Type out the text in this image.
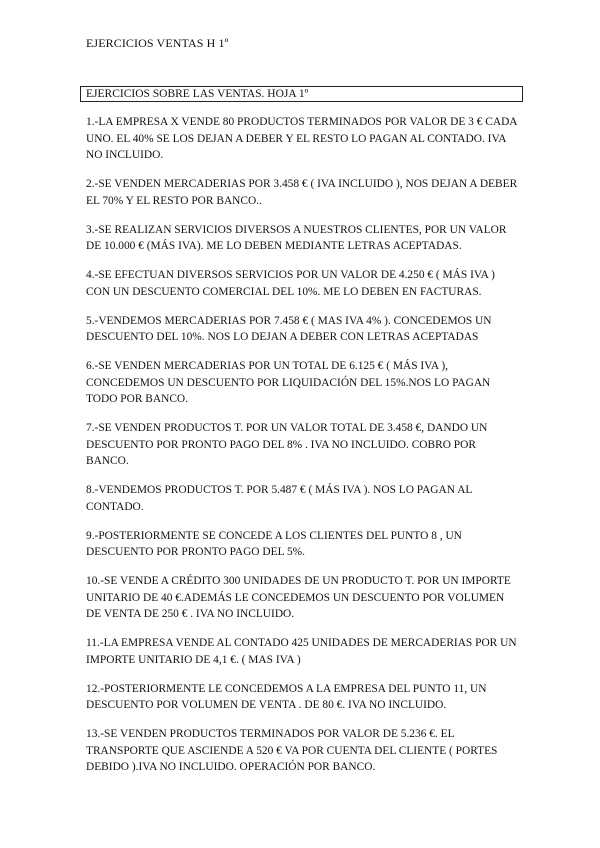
EJERCICIOS VENTAS H 1º
EJERCICIOS SOBRE LAS VENTAS. HOJA 1º
1.-LA EMPRESA X VENDE 80 PRODUCTOS TERMINADOS POR VALOR DE 3 € CADA UNO. EL 40% SE LOS DEJAN A DEBER Y EL RESTO LO PAGAN AL CONTADO. IVA NO INCLUIDO.
2.-SE VENDEN MERCADERIAS POR 3.458 € ( IVA INCLUIDO ), NOS DEJAN A DEBER EL 70% Y EL RESTO POR BANCO..
3.-SE REALIZAN SERVICIOS DIVERSOS A NUESTROS CLIENTES, POR UN VALOR DE 10.000 € (MÁS IVA). ME LO DEBEN MEDIANTE LETRAS ACEPTADAS.
4.-SE EFECTUAN DIVERSOS SERVICIOS POR UN VALOR DE 4.250 € ( MÁS IVA ) CON UN DESCUENTO COMERCIAL DEL 10%. ME LO DEBEN EN FACTURAS.
5.-VENDEMOS MERCADERIAS POR 7.458 € ( MAS IVA 4% ). CONCEDEMOS UN DESCUENTO DEL 10%. NOS LO DEJAN A DEBER CON LETRAS ACEPTADAS
6.-SE VENDEN MERCADERIAS POR UN TOTAL DE 6.125 € ( MÁS IVA ), CONCEDEMOS UN DESCUENTO POR LIQUIDACIÓN DEL 15%.NOS LO PAGAN TODO POR BANCO.
7.-SE VENDEN PRODUCTOS T. POR UN VALOR TOTAL DE 3.458 €, DANDO UN DESCUENTO POR PRONTO PAGO DEL 8% . IVA NO INCLUIDO. COBRO POR BANCO.
8.-VENDEMOS PRODUCTOS T. POR 5.487 € ( MÁS IVA ). NOS LO PAGAN AL CONTADO.
9.-POSTERIORMENTE SE CONCEDE A LOS CLIENTES DEL PUNTO 8 , UN DESCUENTO POR PRONTO PAGO DEL 5%.
10.-SE VENDE A CRÉDITO 300 UNIDADES DE UN PRODUCTO T. POR UN IMPORTE UNITARIO DE 40 €.ADEMÁS LE CONCEDEMOS UN DESCUENTO POR VOLUMEN DE VENTA DE 250 € . IVA NO INCLUIDO.
11.-LA EMPRESA VENDE AL CONTADO 425 UNIDADES DE MERCADERIAS POR UN IMPORTE UNITARIO DE 4,1 €. ( MAS IVA )
12.-POSTERIORMENTE LE CONCEDEMOS A LA EMPRESA DEL PUNTO 11, UN DESCUENTO POR VOLUMEN DE VENTA . DE 80 €. IVA NO INCLUIDO.
13.-SE VENDEN PRODUCTOS TERMINADOS POR VALOR DE 5.236 €. EL TRANSPORTE QUE ASCIENDE A 520 € VA POR CUENTA DEL CLIENTE ( PORTES DEBIDO ).IVA NO INCLUIDO. OPERACIÓN POR BANCO.
